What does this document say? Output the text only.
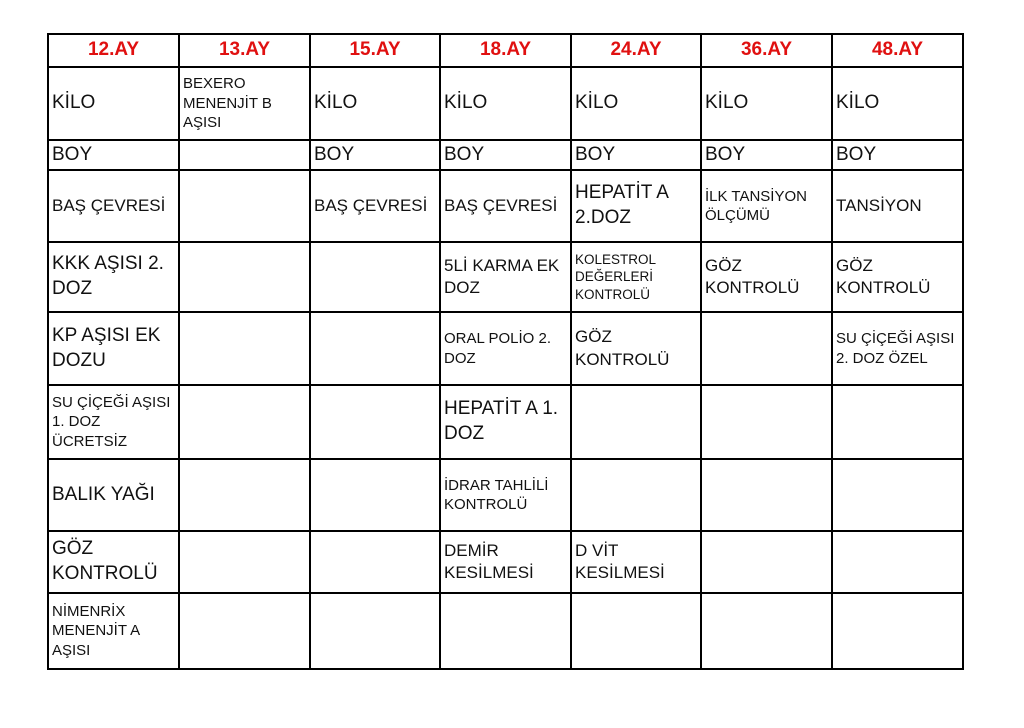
12.AY	13.AY	15.AY	18.AY	24.AY	36.AY	48.AY
KİLO	BEXERO MENENJİT B AŞISI	KİLO	KİLO	KİLO	KİLO	KİLO
BOY		BOY	BOY	BOY	BOY	BOY
BAŞ ÇEVRESİ		BAŞ ÇEVRESİ	BAŞ ÇEVRESİ	HEPATİT A 2.DOZ	İLK TANSİYON ÖLÇÜMÜ	TANSİYON
KKK AŞISI 2. DOZ			5Lİ KARMA EK DOZ	KOLESTROL DEĞERLERİ KONTROLÜ	GÖZ KONTROLÜ	GÖZ KONTROLÜ
KP AŞISI EK DOZU			ORAL POLİO 2. DOZ	GÖZ KONTROLÜ		SU ÇİÇEĞİ AŞISI 2. DOZ ÖZEL
SU ÇİÇEĞİ AŞISI 1. DOZ ÜCRETSİZ			HEPATİT A 1. DOZ			
BALIK YAĞI			İDRAR TAHLİLİ KONTROLÜ			
GÖZ KONTROLÜ			DEMİR KESİLMESİ	D VİT KESİLMESİ		
NİMENRİX MENENJİT A AŞISI						
